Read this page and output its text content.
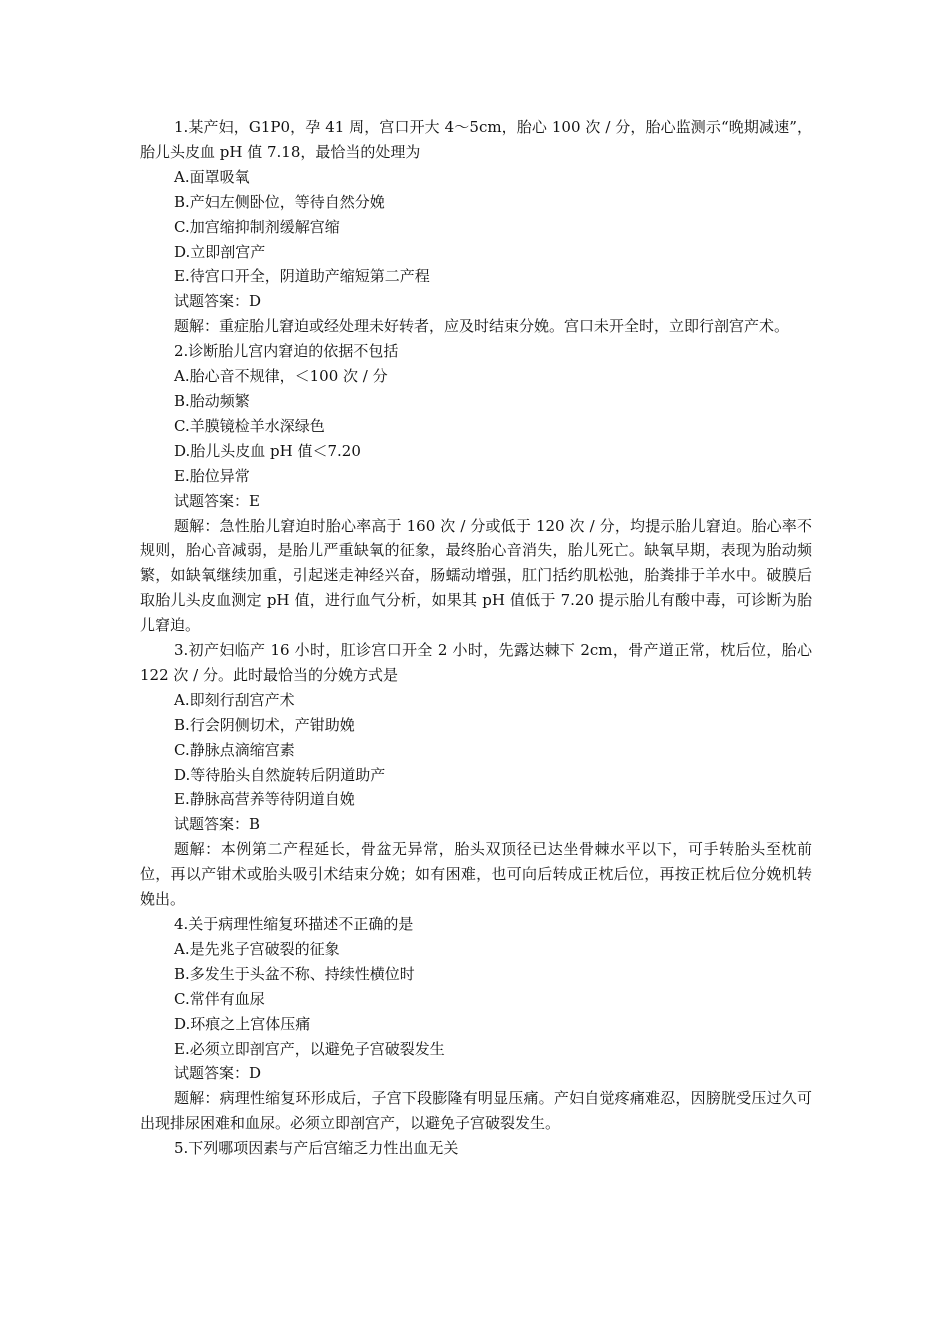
1.某产妇，G1P0，孕 41 周，宫口开大 4～5cm，胎心 100 次 / 分，胎心监测示“晚期减速”，胎儿头皮血 pH 值 7.18，最恰当的处理为

A.面罩吸氧

B.产妇左侧卧位，等待自然分娩

C.加宫缩抑制剂缓解宫缩

D.立即剖宫产

E.待宫口开全，阴道助产缩短第二产程

试题答案：D

题解：重症胎儿窘迫或经处理未好转者，应及时结束分娩。宫口未开全时，立即行剖宫产术。

2.诊断胎儿宫内窘迫的依据不包括

A.胎心音不规律，＜100 次 / 分

B.胎动频繁

C.羊膜镜检羊水深绿色

D.胎儿头皮血 pH 值＜7.20

E.胎位异常

试题答案：E

题解：急性胎儿窘迫时胎心率高于 160 次 / 分或低于 120 次 / 分，均提示胎儿窘迫。胎心率不规则，胎心音减弱，是胎儿严重缺氧的征象，最终胎心音消失，胎儿死亡。缺氧早期，表现为胎动频繁，如缺氧继续加重，引起迷走神经兴奋，肠蠕动增强，肛门括约肌松弛，胎粪排于羊水中。破膜后取胎儿头皮血测定 pH 值，进行血气分析，如果其 pH 值低于 7.20 提示胎儿有酸中毒，可诊断为胎儿窘迫。

3.初产妇临产 16 小时，肛诊宫口开全 2 小时，先露达棘下 2cm，骨产道正常，枕后位，胎心 122 次 / 分。此时最恰当的分娩方式是

A.即刻行刮宫产术

B.行会阴侧切术，产钳助娩

C.静脉点滴缩宫素

D.等待胎头自然旋转后阴道助产

E.静脉高营养等待阴道自娩

试题答案：B

题解：本例第二产程延长，骨盆无异常，胎头双顶径已达坐骨棘水平以下，可手转胎头至枕前位，再以产钳术或胎头吸引术结束分娩；如有困难，也可向后转成正枕后位，再按正枕后位分娩机转娩出。

4.关于病理性缩复环描述不正确的是

A.是先兆子宫破裂的征象

B.多发生于头盆不称、持续性横位时

C.常伴有血尿

D.环痕之上宫体压痛

E.必须立即剖宫产，以避免子宫破裂发生

试题答案：D

题解：病理性缩复环形成后，子宫下段膨隆有明显压痛。产妇自觉疼痛难忍，因膀胱受压过久可出现排尿困难和血尿。必须立即剖宫产，以避免子宫破裂发生。

5.下列哪项因素与产后宫缩乏力性出血无关
